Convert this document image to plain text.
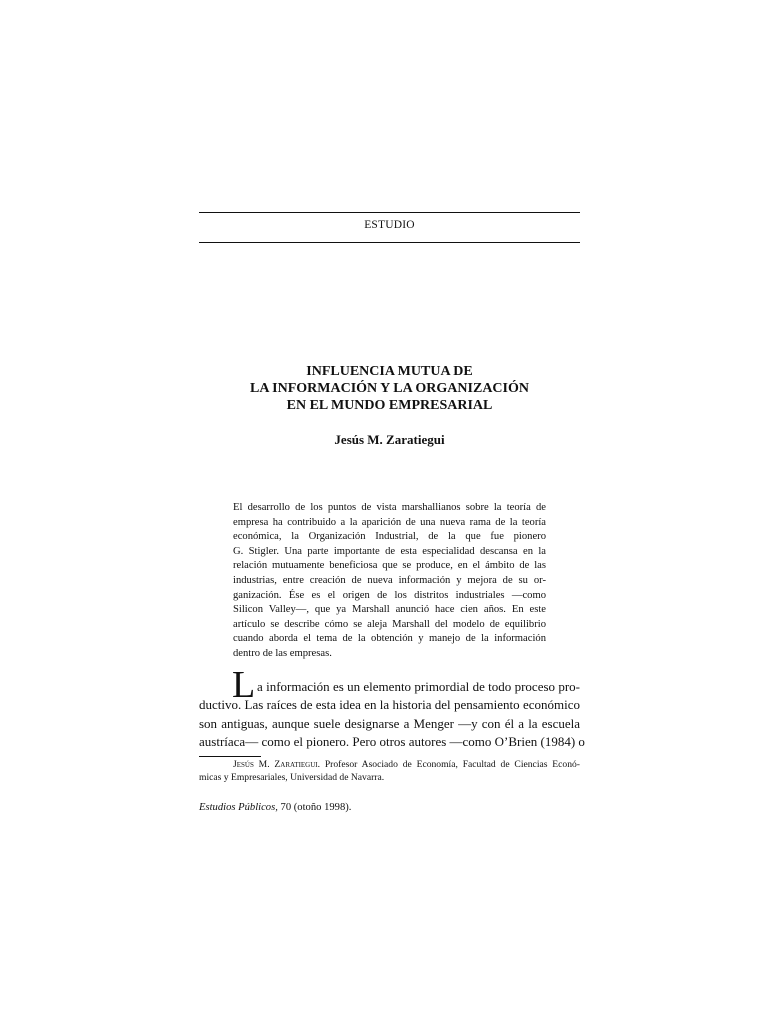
ESTUDIO
INFLUENCIA MUTUA DE
LA INFORMACIÓN Y LA ORGANIZACIÓN
EN EL MUNDO EMPRESARIAL
Jesús M. Zaratiegui
El desarrollo de los puntos de vista marshallianos sobre la teoría de
empresa ha contribuido a la aparición de una nueva rama de la teoría
económica, la Organización Industrial, de la que fue pionero
G. Stigler. Una parte importante de esta especialidad descansa en la
relación mutuamente beneficiosa que se produce, en el ámbito de las
industrias, entre creación de nueva información y mejora de su or-
ganización. Ése es el origen de los distritos industriales —como
Silicon Valley—, que ya Marshall anunció hace cien años. En este
artículo se describe cómo se aleja Marshall del modelo de equilibrio
cuando aborda el tema de la obtención y manejo de la información
dentro de las empresas.
L a información es un elemento primordial de todo proceso pro-
ductivo. Las raíces de esta idea en la historia del pensamiento económico
son antiguas, aunque suele designarse a Menger —y con él a la escuela
austríaca— como el pionero. Pero otros autores —como O’Brien (1984) o
Jesús M. Zaratiegui. Profesor Asociado de Economía, Facultad de Ciencias Econó-
micas y Empresariales, Universidad de Navarra.
Estudios Públicos, 70 (otoño 1998).
